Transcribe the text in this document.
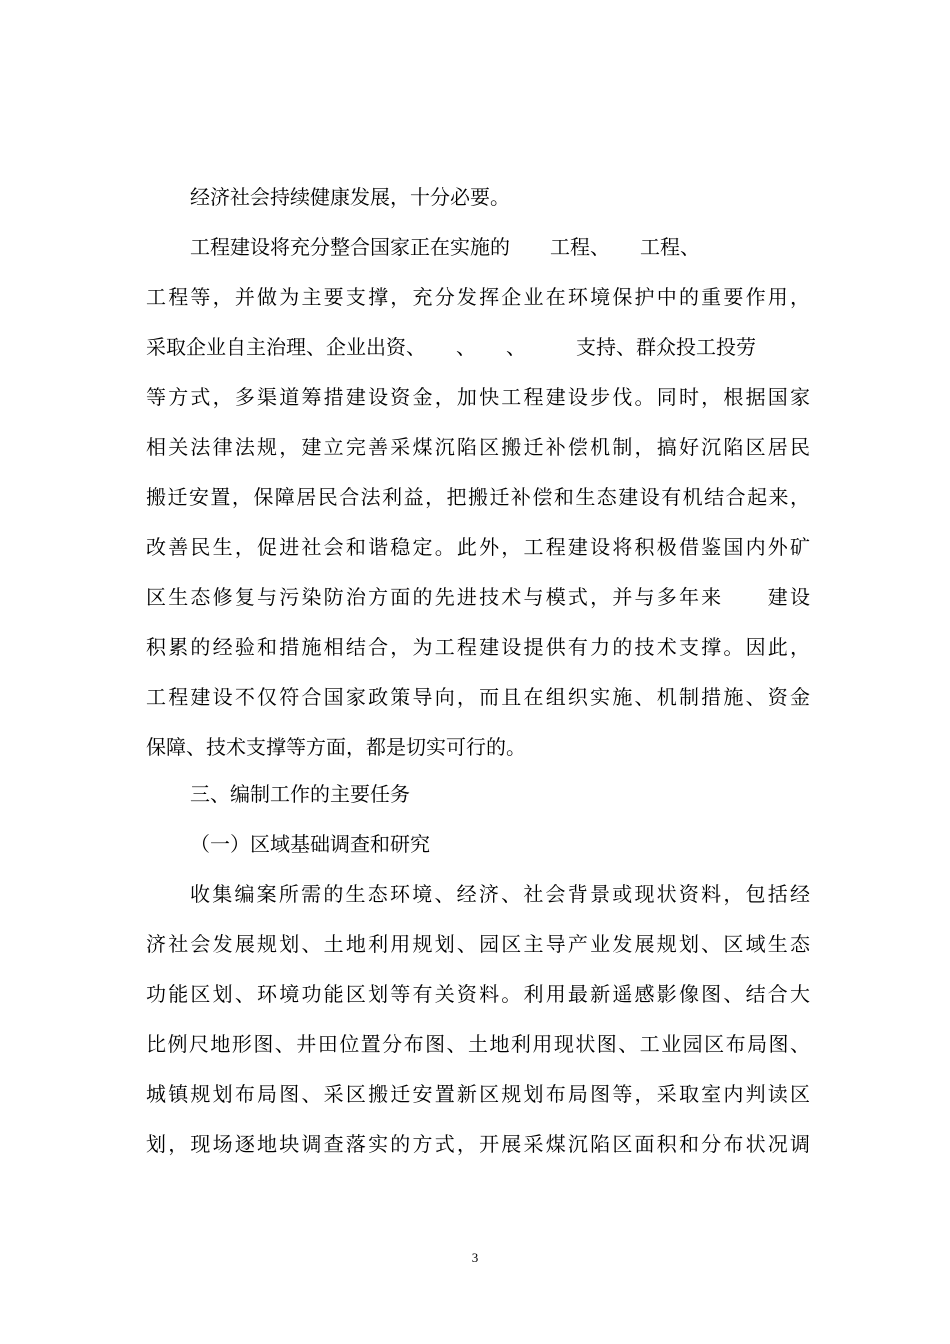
经济社会持续健康发展，十分必要。
工程建设将充分整合国家正在实施的　　工程、　　工程、
工程等，并做为主要支撑，充分发挥企业在环境保护中的重要作用，
采取企业自主治理、企业出资、　　、　　、　　　支持、群众投工投劳
等方式，多渠道筹措建设资金，加快工程建设步伐。同时，根据国家
相关法律法规，建立完善采煤沉陷区搬迁补偿机制，搞好沉陷区居民
搬迁安置，保障居民合法利益，把搬迁补偿和生态建设有机结合起来，
改善民生，促进社会和谐稳定。此外，工程建设将积极借鉴国内外矿
区生态修复与污染防治方面的先进技术与模式，并与多年来　　建设
积累的经验和措施相结合，为工程建设提供有力的技术支撑。因此，
工程建设不仅符合国家政策导向，而且在组织实施、机制措施、资金
保障、技术支撑等方面，都是切实可行的。
三、编制工作的主要任务
（一）区域基础调查和研究
收集编案所需的生态环境、经济、社会背景或现状资料，包括经
济社会发展规划、土地利用规划、园区主导产业发展规划、区域生态
功能区划、环境功能区划等有关资料。利用最新遥感影像图、结合大
比例尺地形图、井田位置分布图、土地利用现状图、工业园区布局图、
城镇规划布局图、采区搬迁安置新区规划布局图等，采取室内判读区
划，现场逐地块调查落实的方式，开展采煤沉陷区面积和分布状况调
3
